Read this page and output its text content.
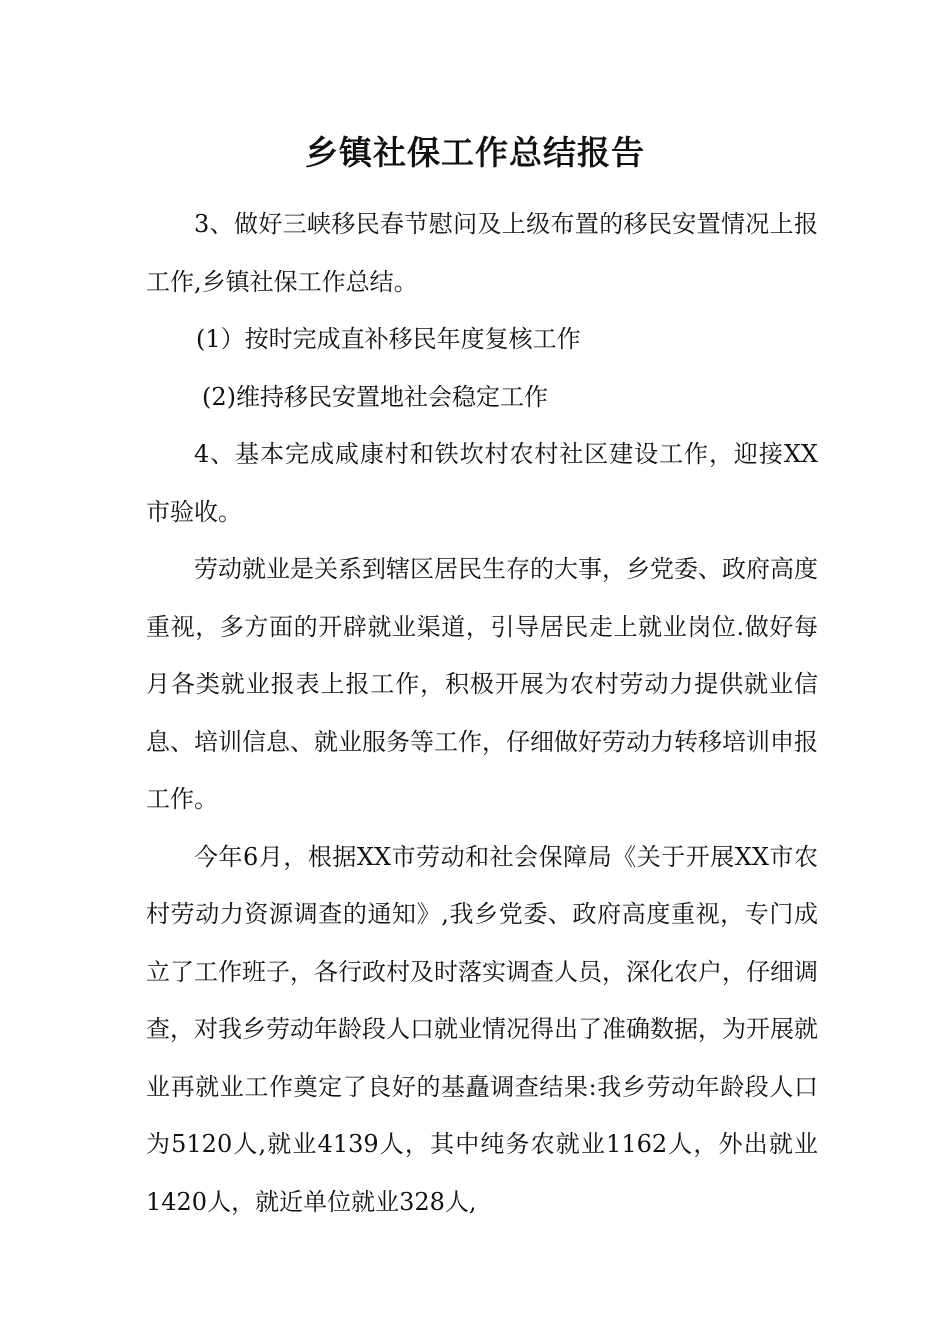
乡镇社保工作总结报告

3、做好三峡移民春节慰问及上级布置的移民安置情况上报工作,乡镇社保工作总结。

(1）按时完成直补移民年度复核工作

(2)维持移民安置地社会稳定工作

4、基本完成咸康村和铁坎村农村社区建设工作，迎接XX市验收。

劳动就业是关系到辖区居民生存的大事，乡党委、政府高度重视，多方面的开辟就业渠道，引导居民走上就业岗位.做好每月各类就业报表上报工作，积极开展为农村劳动力提供就业信息、培训信息、就业服务等工作，仔细做好劳动力转移培训申报工作。

今年6月，根据XX市劳动和社会保障局《关于开展XX市农村劳动力资源调查的通知》,我乡党委、政府高度重视，专门成立了工作班子，各行政村及时落实调查人员，深化农户，仔细调查，对我乡劳动年龄段人口就业情况得出了准确数据，为开展就业再就业工作奠定了良好的基矗调查结果:我乡劳动年龄段人口为5120人,就业4139人，其中纯务农就业1162人，外出就业1420人，就近单位就业328人,
